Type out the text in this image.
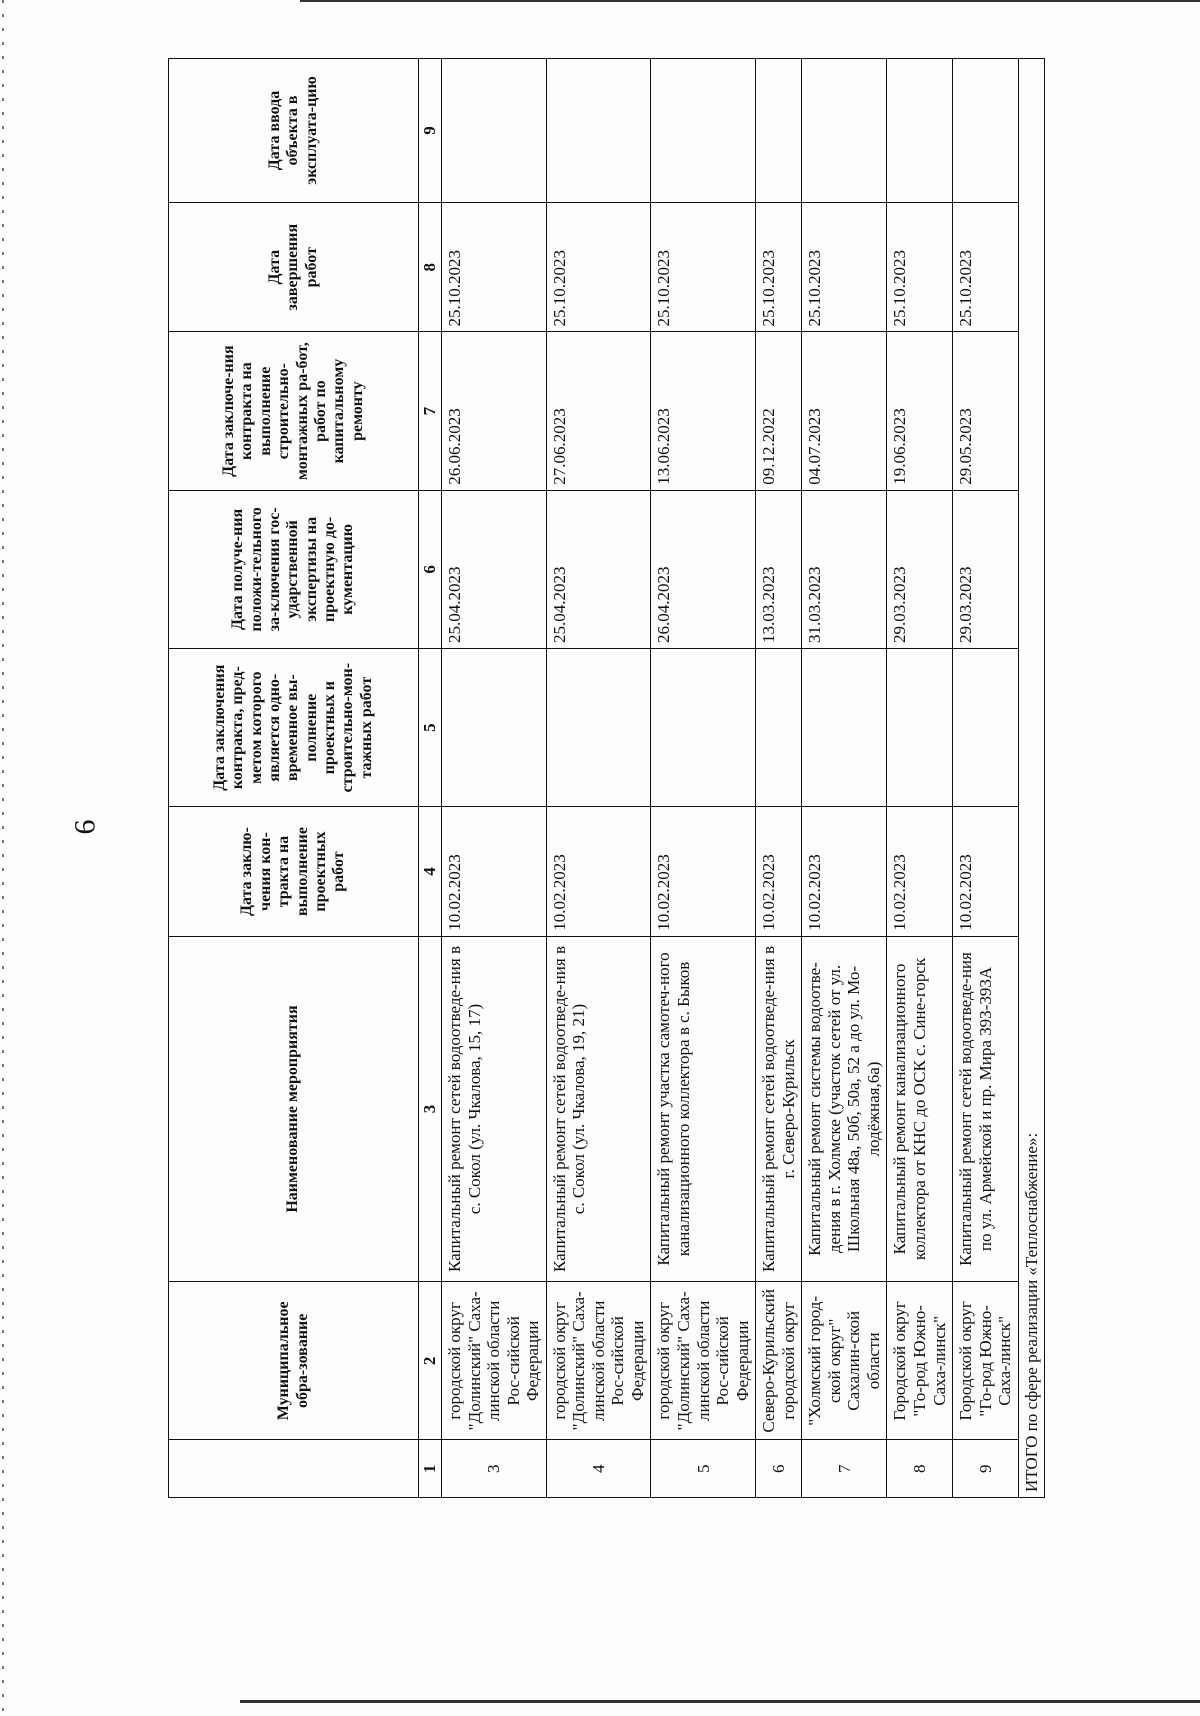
6
	Муниципальное обра-зование	Наименование мероприятия	Дата заклю-чения кон-тракта на выполнение проектных работ	Дата заключения контракта, пред-метом которого является одно-временное вы-полнение проектных и строительно-мон-тажных работ	Дата получе-ния положи-тельного за-ключения гос-ударственной экспертизы на проектную до-кументацию	Дата заключе-ния контракта на выполнение строительно-монтажных ра-бот, работ по капитальному ремонту	Дата завершения работ	Дата ввода объекта в эксплуата-цию
1	2	3	4	5	6	7	8	9
3	городской округ "Долинский" Саха-линской области Рос-сийской Федерации	Капитальный ремонт сетей водоотведе-ния в с. Сокол (ул. Чкалова, 15, 17)	10.02.2023		25.04.2023	26.06.2023	25.10.2023	
4	городской округ "Долинский" Саха-линской области Рос-сийской Федерации	Капитальный ремонт сетей водоотведе-ния в с. Сокол (ул. Чкалова, 19, 21)	10.02.2023		25.04.2023	27.06.2023	25.10.2023	
5	городской округ "Долинский" Саха-линской области Рос-сийской Федерации	Капитальный ремонт участка самотеч-ного канализационного коллектора в с. Быков	10.02.2023		26.04.2023	13.06.2023	25.10.2023	
6	Северо-Курильский городской округ	Капитальный ремонт сетей водоотведе-ния в г. Северо-Курильск	10.02.2023		13.03.2023	09.12.2022	25.10.2023	
7	"Холмский город-ской округ" Сахалин-ской области	Капитальный ремонт системы водоотве-дения в г. Холмске (участок сетей от ул. Школьная 48а, 50б, 50а, 52 а до ул. Мо-лодёжная,6а)	10.02.2023		31.03.2023	04.07.2023	25.10.2023	
8	Городской округ "Го-род Южно-Саха-линск"	Капитальный ремонт канализационного коллектора от КНС до ОСК с. Сине-горск	10.02.2023		29.03.2023	19.06.2023	25.10.2023	
9	Городской округ "Го-род Южно-Саха-линск"	Капитальный ремонт сетей водоотведе-ния по ул. Армейской и пр. Мира 393-393А	10.02.2023		29.03.2023	29.05.2023	25.10.2023	
ИТОГО по сфере реализации «Теплоснабжение»:								
